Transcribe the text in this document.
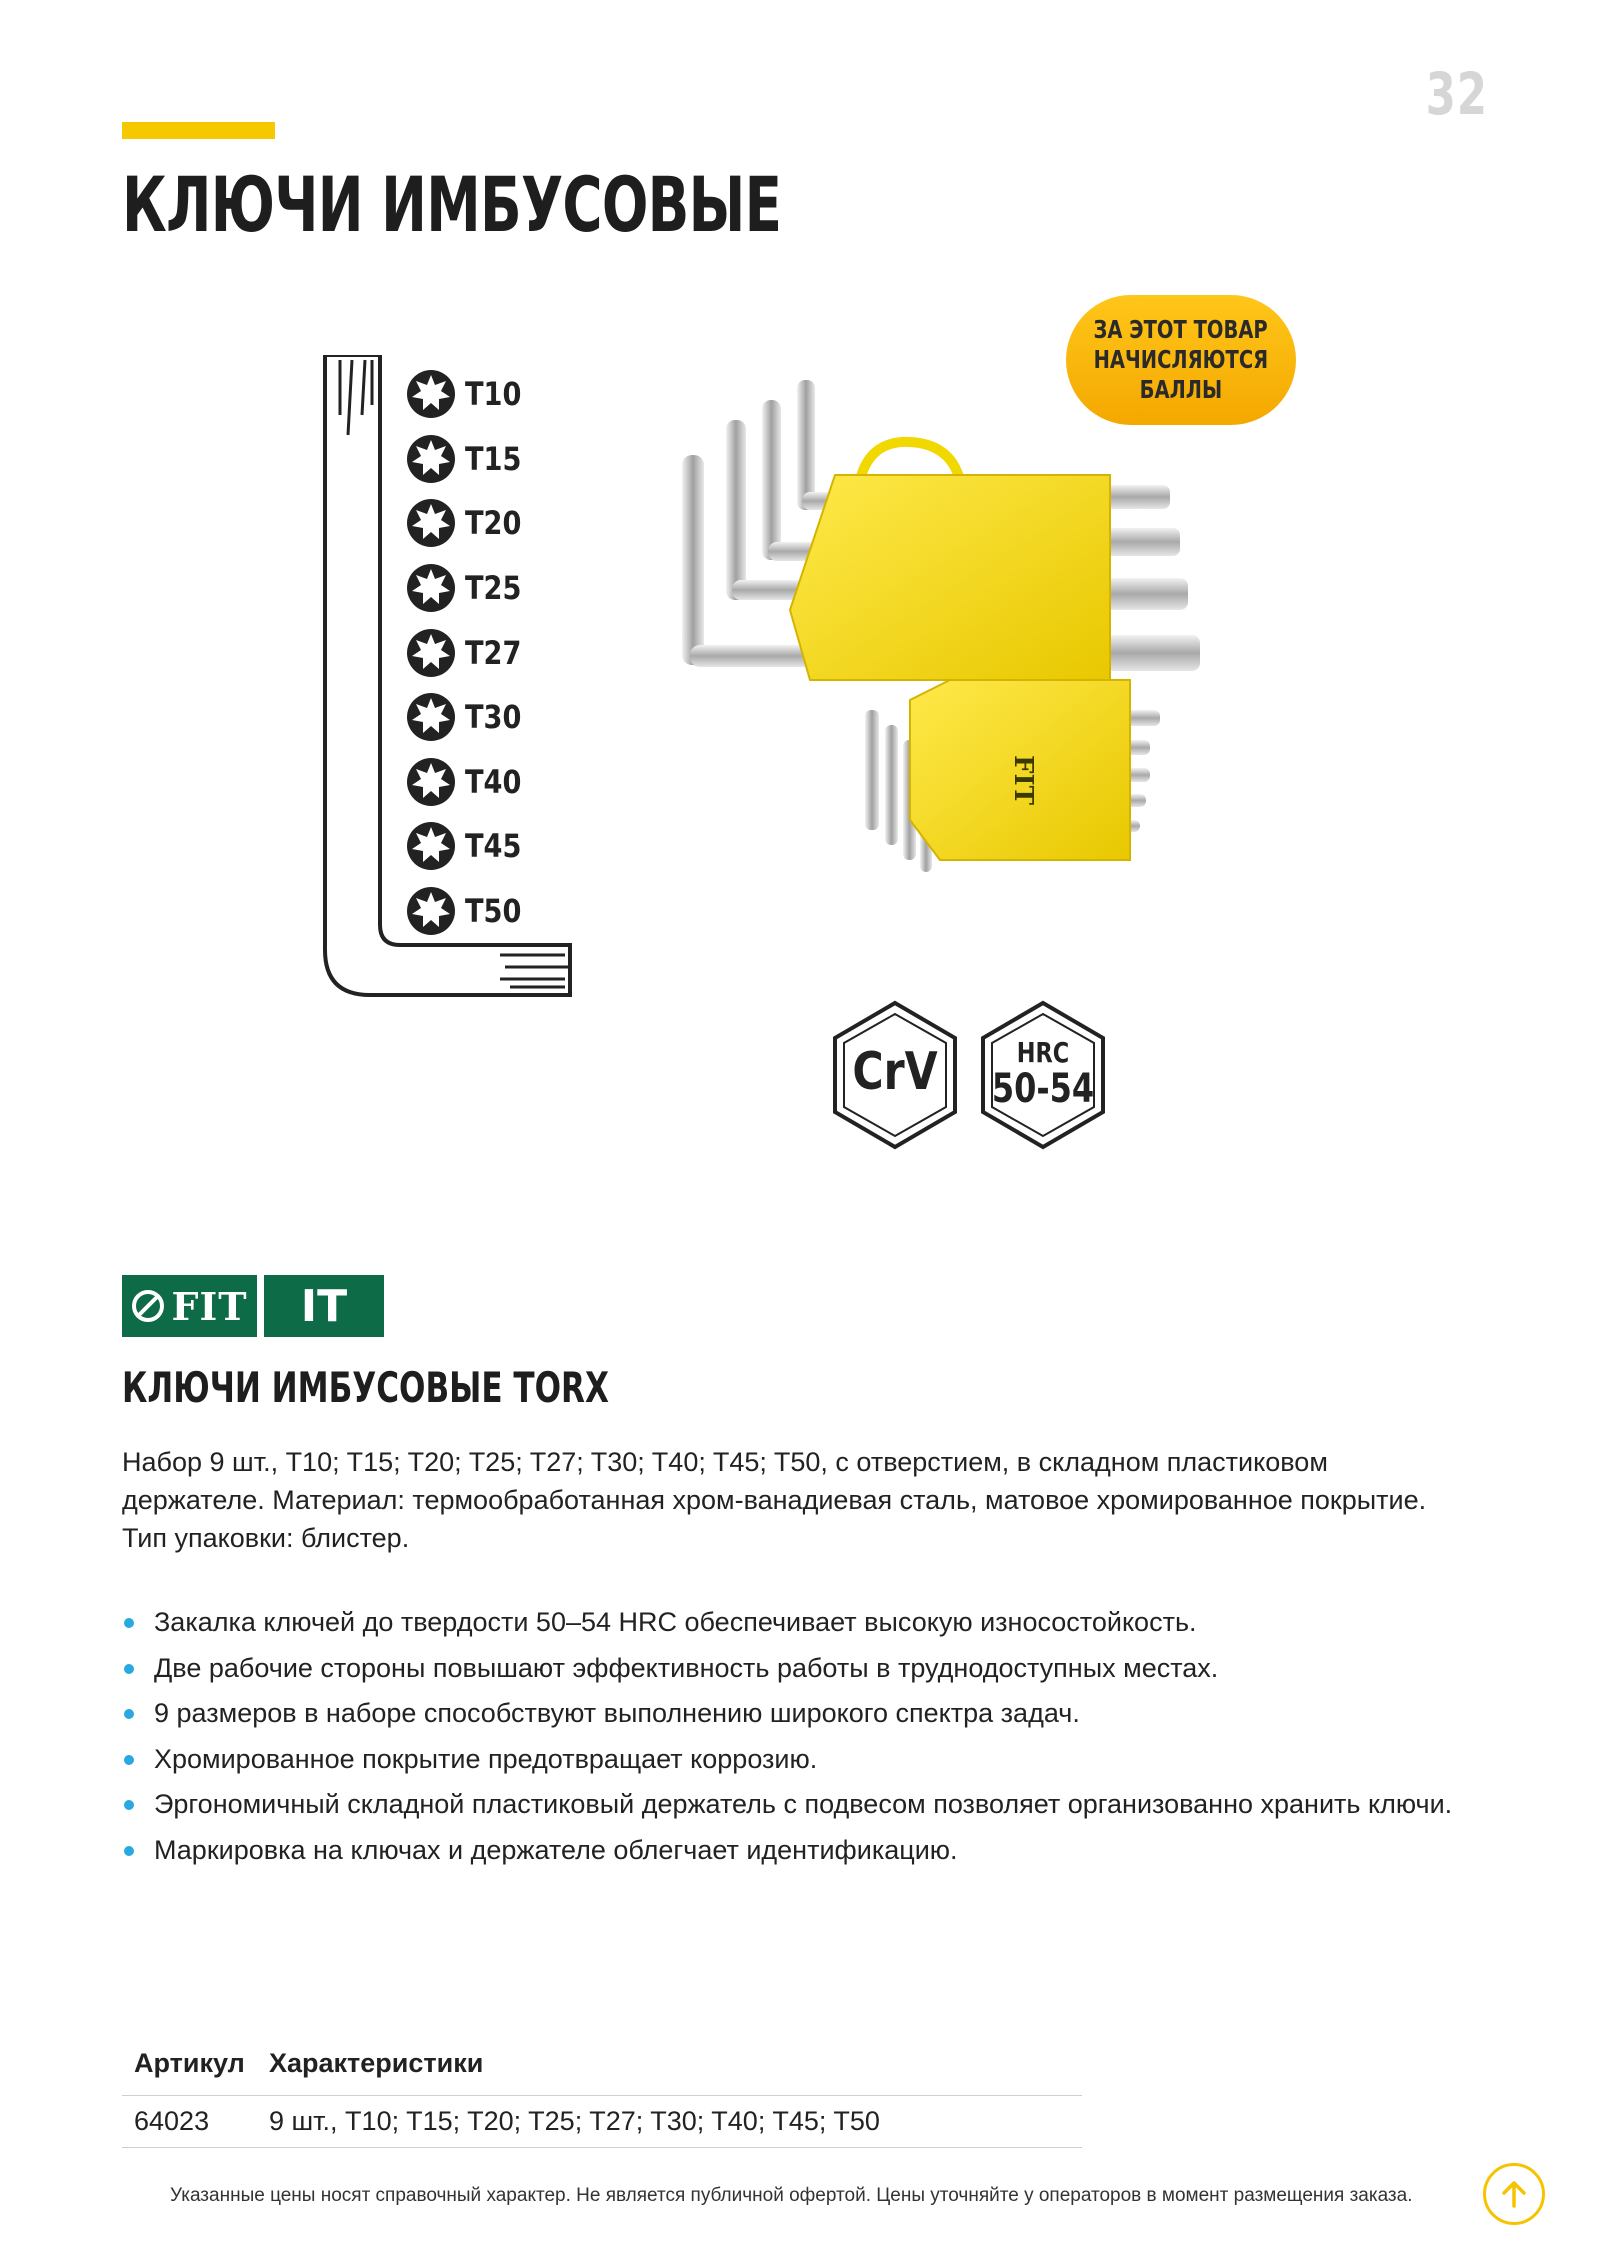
32
КЛЮЧИ ИМБУСОВЫЕ
T10
T15
T20
T25
T27
T30
T40
T45
T50
ЗА ЭТОТ ТОВАР
НАЧИСЛЯЮТСЯ
БАЛЛЫ
FIT
CrV	HRC
50-54
FIT	IT
КЛЮЧИ ИМБУСОВЫЕ TORX

Набор 9 шт., T10; T15; T20; T25; T27; T30; T40; T45; T50, с отверстием, в складном пластиковом держателе. Материал: термообработанная хром-ванадиевая сталь, матовое хромированное покрытие. Тип упаковки: блистер.

Закалка ключей до твердости 50–54 HRC обеспечивает высокую износостойкость.
Две рабочие стороны повышают эффективность работы в труднодоступных местах.
9 размеров в наборе способствуют выполнению широкого спектра задач.
Хромированное покрытие предотвращает коррозию.
Эргономичный складной пластиковый держатель с подвесом позволяет организованно хранить ключи.
Маркировка на ключах и держателе облегчает идентификацию.
Артикул	Характеристики
64023	9 шт., T10; T15; T20; T25; T27; T30; T40; T45; T50
Указанные цены носят справочный характер. Не является публичной офертой. Цены уточняйте у операторов в момент размещения заказа.
